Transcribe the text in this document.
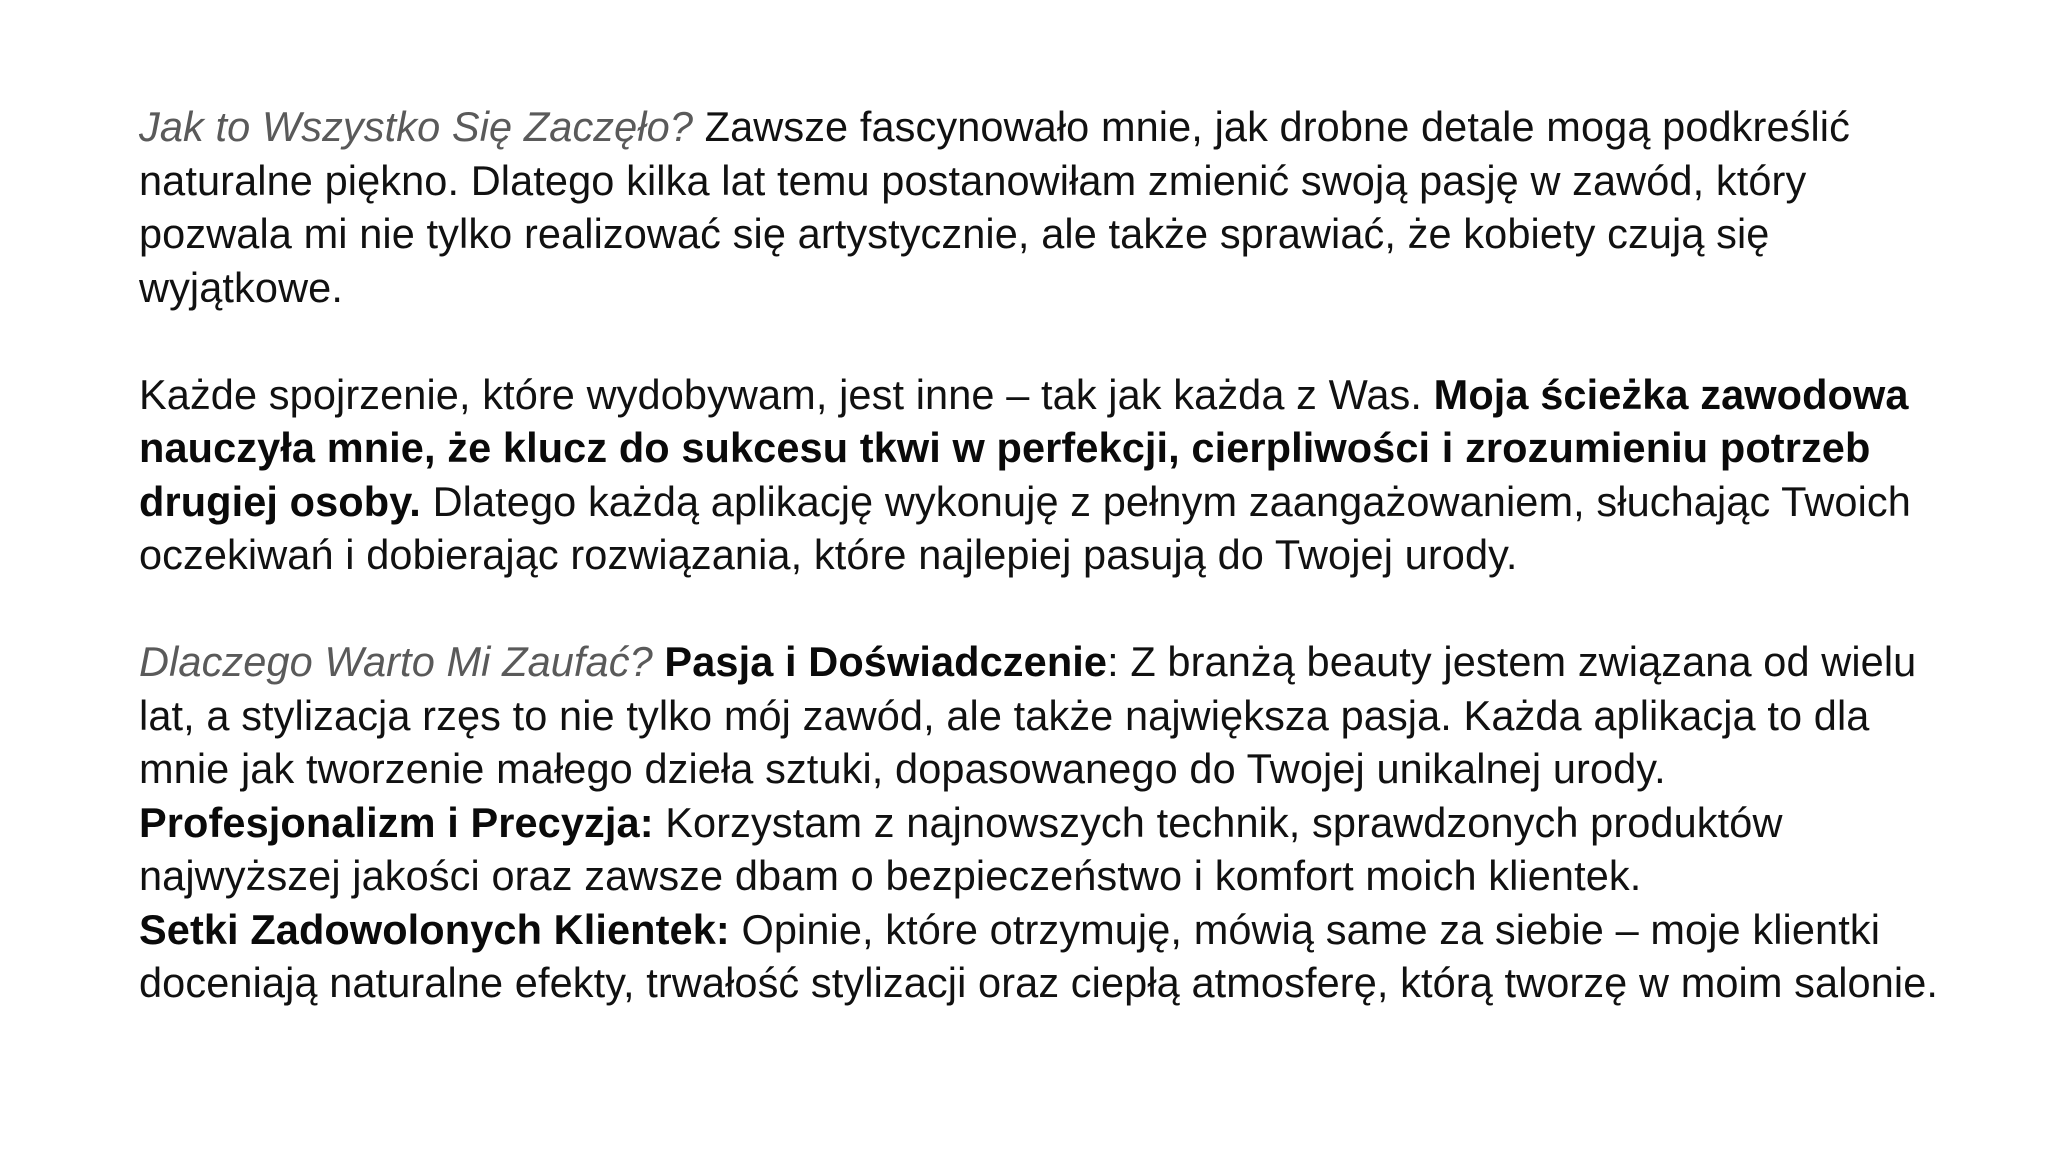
Jak to Wszystko Się Zaczęło? Zawsze fascynowało mnie, jak drobne detale mogą podkreślić naturalne piękno. Dlatego kilka lat temu postanowiłam zmienić swoją pasję w zawód, który pozwala mi nie tylko realizować się artystycznie, ale także sprawiać, że kobiety czują się wyjątkowe.

Każde spojrzenie, które wydobywam, jest inne – tak jak każda z Was. Moja ścieżka zawodowa nauczyła mnie, że klucz do sukcesu tkwi w perfekcji, cierpliwości i zrozumieniu potrzeb drugiej osoby. Dlatego każdą aplikację wykonuję z pełnym zaangażowaniem, słuchając Twoich oczekiwań i dobierając rozwiązania, które najlepiej pasują do Twojej urody.

Dlaczego Warto Mi Zaufać? Pasja i Doświadczenie: Z branżą beauty jestem związana od wielu lat, a stylizacja rzęs to nie tylko mój zawód, ale także największa pasja. Każda aplikacja to dla mnie jak tworzenie małego dzieła sztuki, dopasowanego do Twojej unikalnej urody.
Profesjonalizm i Precyzja: Korzystam z najnowszych technik, sprawdzonych produktów najwyższej jakości oraz zawsze dbam o bezpieczeństwo i komfort moich klientek.
Setki Zadowolonych Klientek: Opinie, które otrzymuję, mówią same za siebie – moje klientki doceniają naturalne efekty, trwałość stylizacji oraz ciepłą atmosferę, którą tworzę w moim salonie.
